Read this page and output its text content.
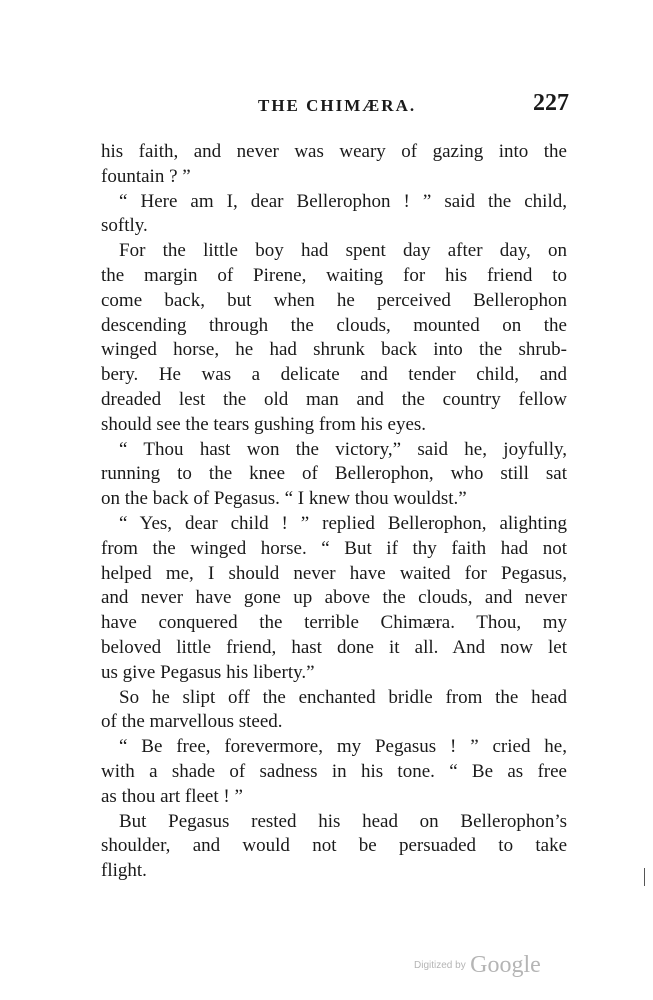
THE CHIMÆRA.	227

his faith, and never was weary of gazing into the
fountain ? ”

“ Here am I, dear Bellerophon ! ” said the child,
softly.

For the little boy had spent day after day, on
the margin of Pirene, waiting for his friend to
come back, but when he perceived Bellerophon
descending through the clouds, mounted on the
winged horse, he had shrunk back into the shrub-
bery. He was a delicate and tender child, and
dreaded lest the old man and the country fellow
should see the tears gushing from his eyes.

“ Thou hast won the victory,” said he, joyfully,
running to the knee of Bellerophon, who still sat
on the back of Pegasus. “ I knew thou wouldst.”

“ Yes, dear child ! ” replied Bellerophon, alighting
from the winged horse. “ But if thy faith had not
helped me, I should never have waited for Pegasus,
and never have gone up above the clouds, and never
have conquered the terrible Chimæra. Thou, my
beloved little friend, hast done it all. And now let
us give Pegasus his liberty.”

So he slipt off the enchanted bridle from the head
of the marvellous steed.

“ Be free, forevermore, my Pegasus ! ” cried he,
with a shade of sadness in his tone. “ Be as free
as thou art fleet ! ”

But Pegasus rested his head on Bellerophon’s
shoulder, and would not be persuaded to take
flight.

Digitized by Google
